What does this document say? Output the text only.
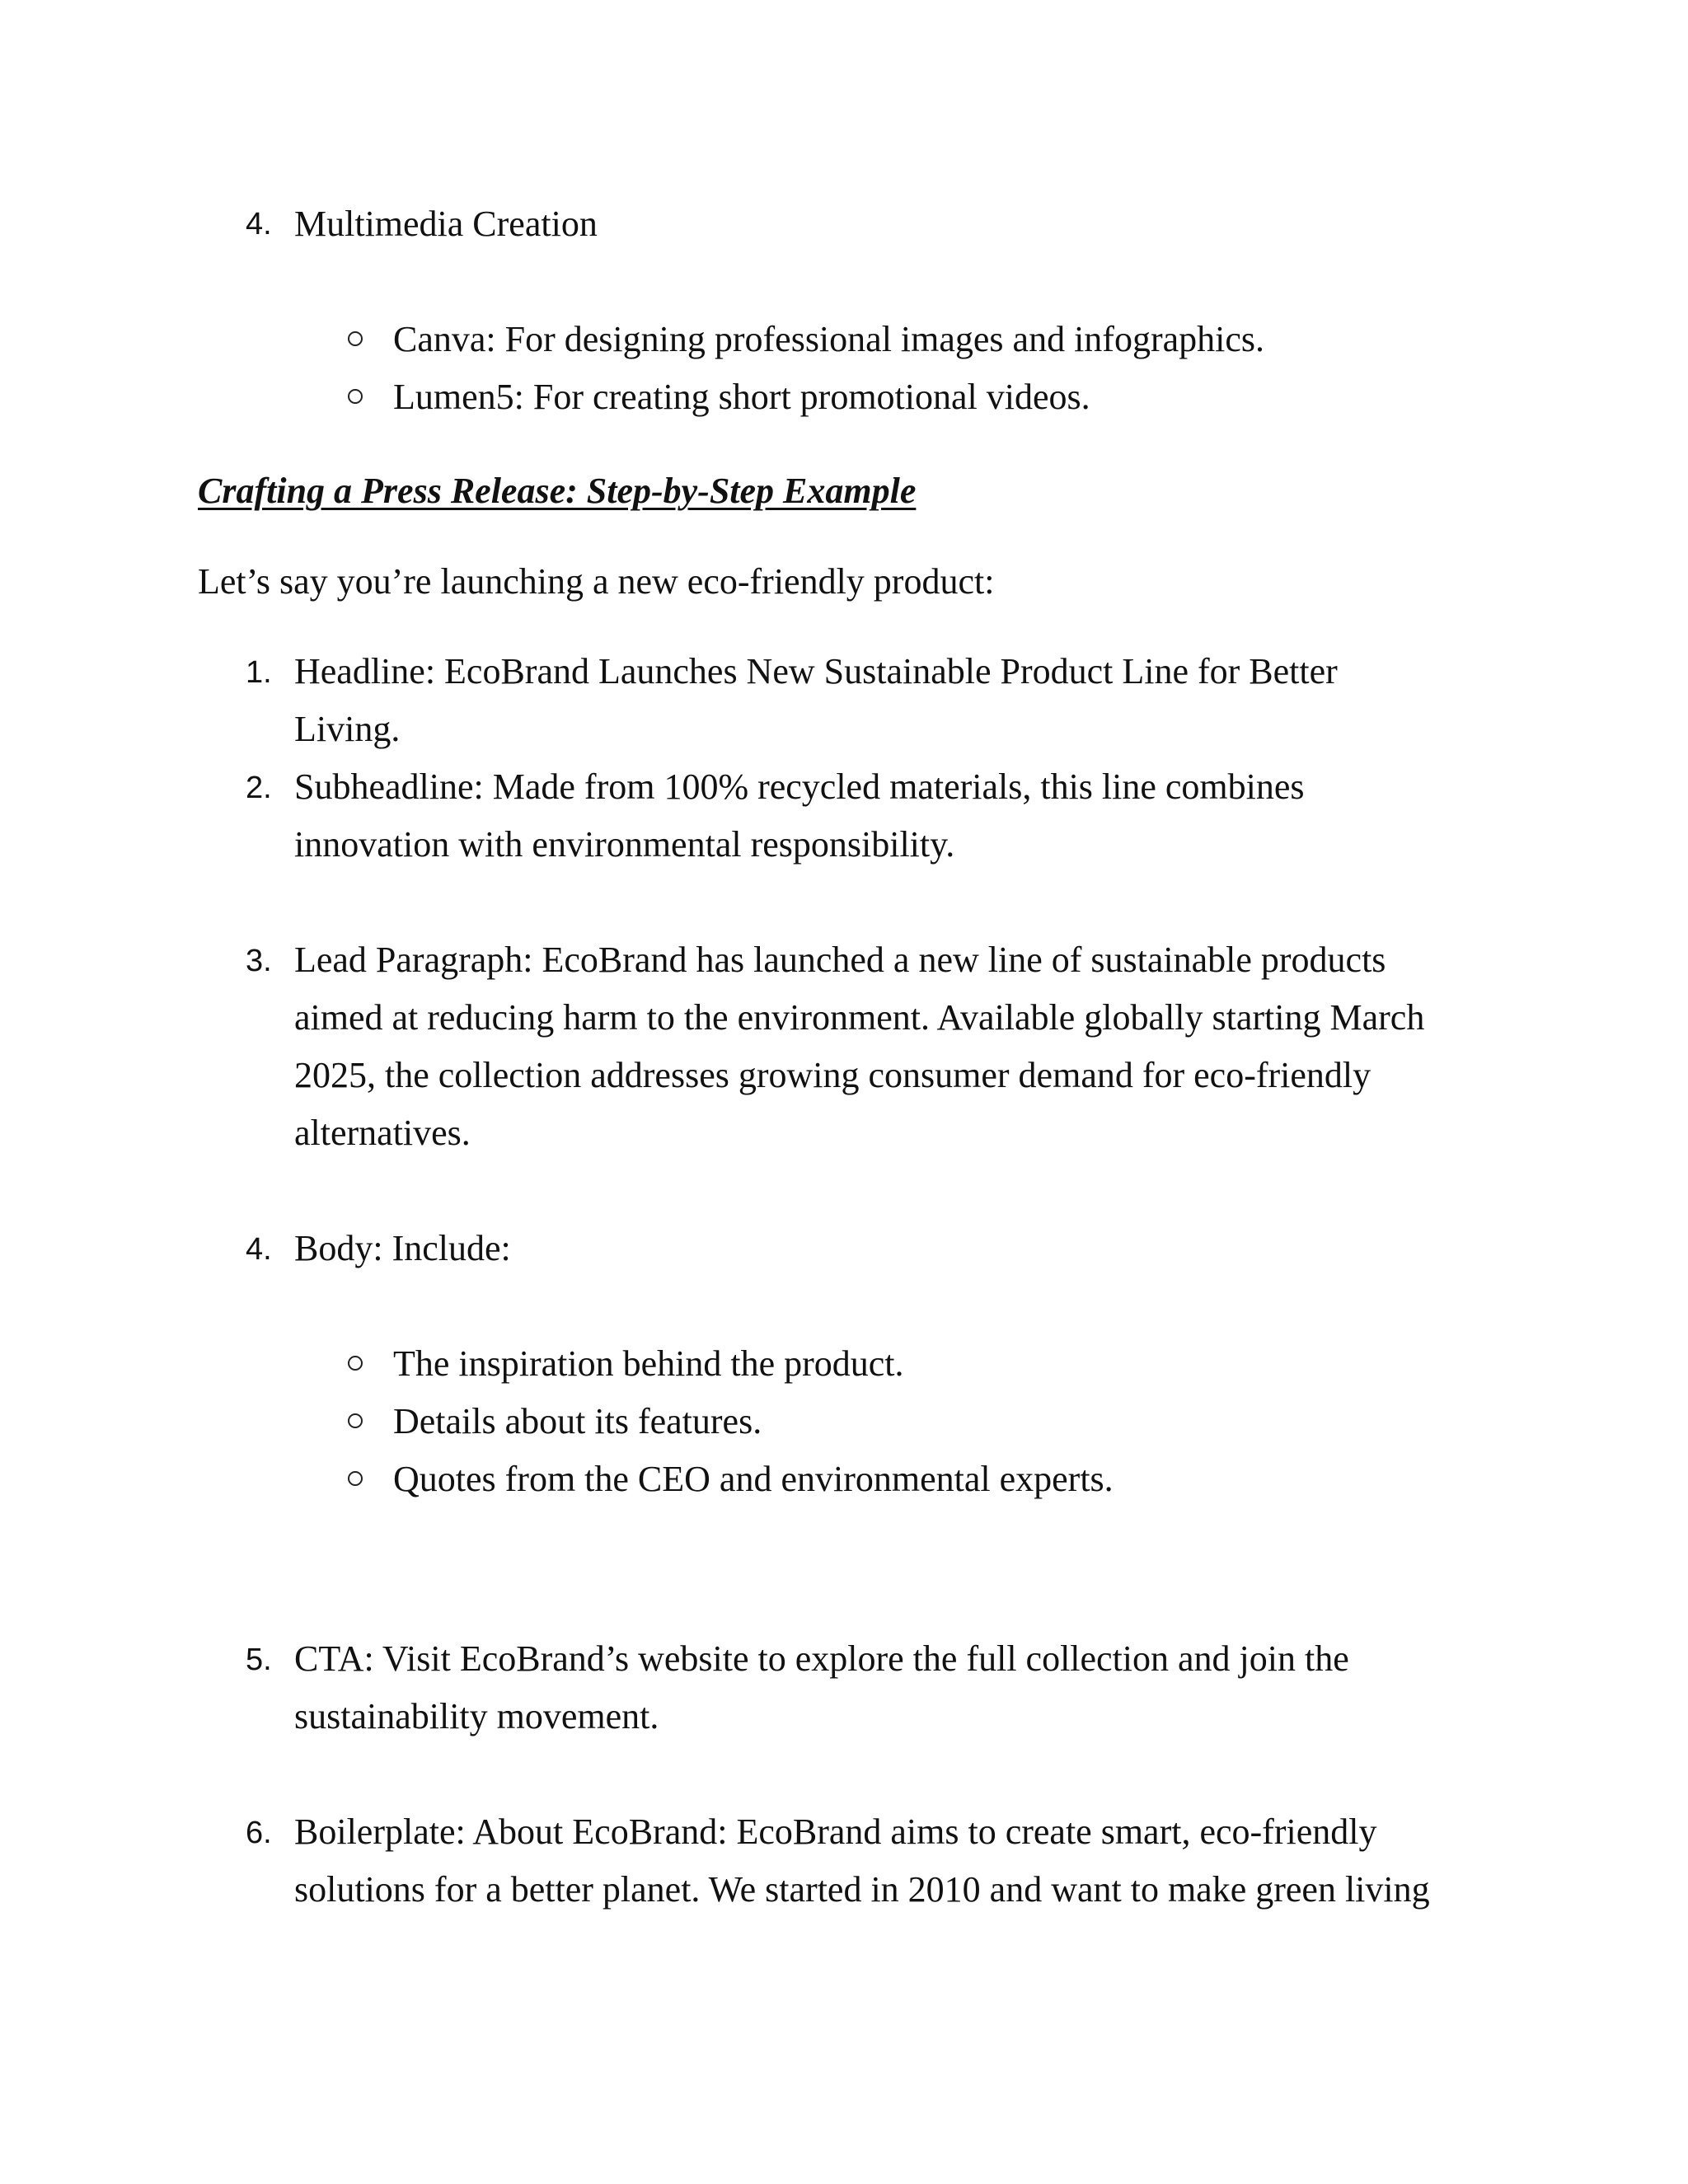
4. Multimedia Creation
Canva: For designing professional images and infographics.
Lumen5: For creating short promotional videos.
Crafting a Press Release: Step-by-Step Example
Let’s say you’re launching a new eco-friendly product:
1. Headline: EcoBrand Launches New Sustainable Product Line for Better
Living.
2. Subheadline: Made from 100% recycled materials, this line combines
innovation with environmental responsibility.
3. Lead Paragraph: EcoBrand has launched a new line of sustainable products
aimed at reducing harm to the environment. Available globally starting March
2025, the collection addresses growing consumer demand for eco-friendly
alternatives.
4. Body: Include:
The inspiration behind the product.
Details about its features.
Quotes from the CEO and environmental experts.
5. CTA: Visit EcoBrand’s website to explore the full collection and join the
sustainability movement.
6. Boilerplate: About EcoBrand: EcoBrand aims to create smart, eco-friendly
solutions for a better planet. We started in 2010 and want to make green living
